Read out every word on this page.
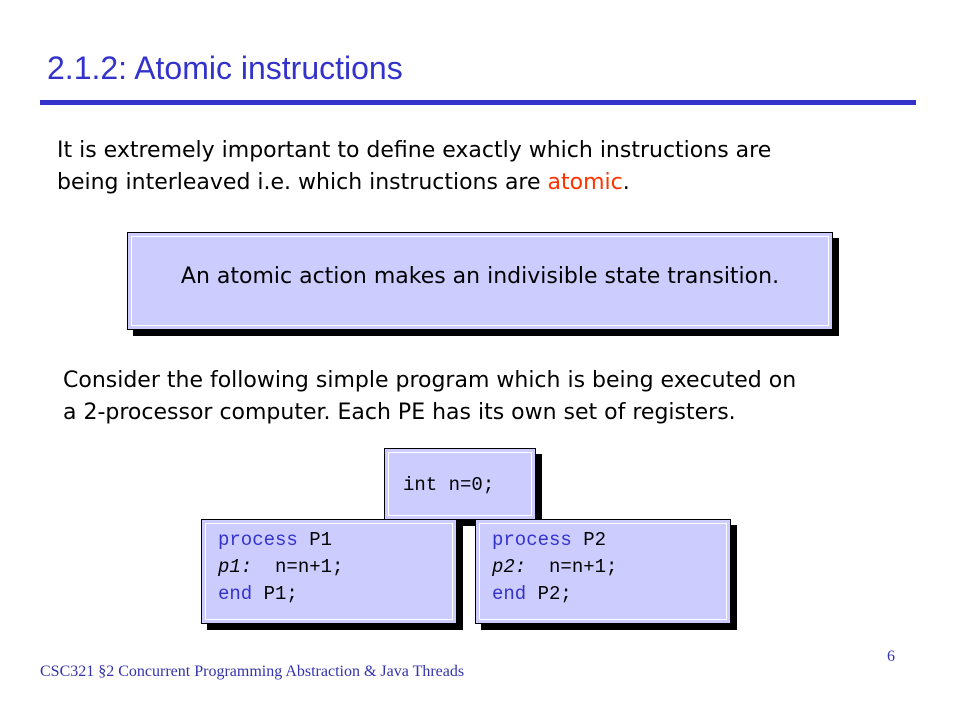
2.1.2: Atomic instructions
It is extremely important to define exactly which instructions are
being interleaved i.e. which instructions are atomic.
An atomic action makes an indivisible state transition.
Consider the following simple program which is being executed on
a 2-processor computer. Each PE has its own set of registers.
int n=0;
process P1
p1: n=n+1;
end P1;
process P2
p2: n=n+1;
end P2;
CSC321 §2 Concurrent Programming Abstraction & Java Threads
6
